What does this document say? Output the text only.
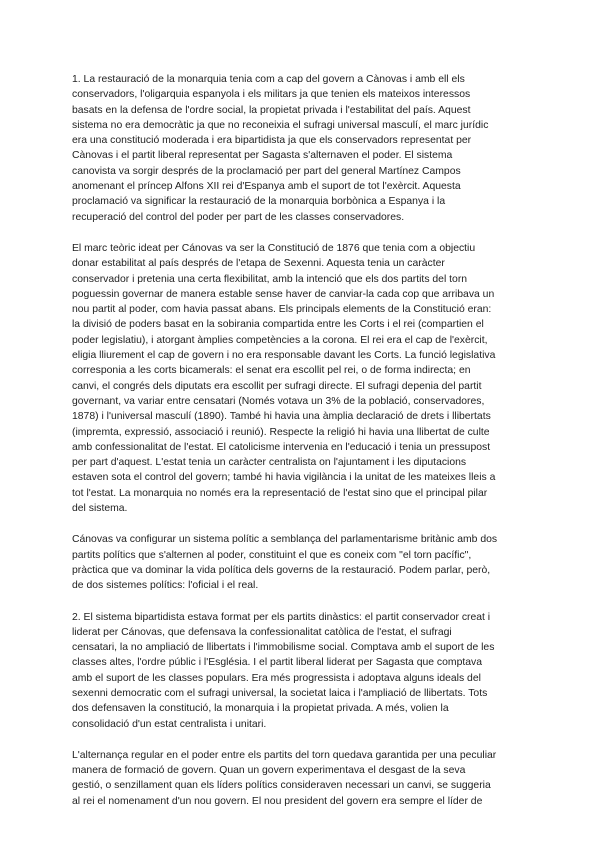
1. La restauració de la monarquia tenia com a cap del govern a Cànovas i amb ell els
conservadors, l'oligarquia espanyola i els militars ja que tenien els mateixos interessos
basats en la defensa de l'ordre social, la propietat privada i l'estabilitat del país. Aquest
sistema no era democràtic ja que no reconeixia el sufragi universal masculí, el marc jurídic
era una constitució moderada i era bipartidista ja que els conservadors representat per
Cànovas i el partit liberal representat per Sagasta s'alternaven el poder. El sistema
canovista va sorgir després de la proclamació per part del general Martínez Campos
anomenant el príncep Alfons XII rei d'Espanya amb el suport de tot l'exèrcit. Aquesta
proclamació va significar la restauració de la monarquia borbònica a Espanya i la
recuperació del control del poder per part de les classes conservadores.
El marc teòric ideat per Cánovas va ser la Constitució de 1876 que tenia com a objectiu
donar estabilitat al país després de l'etapa de Sexenni. Aquesta tenia un caràcter
conservador i pretenia una certa flexibilitat, amb la intenció que els dos partits del torn
poguessin governar de manera estable sense haver de canviar-la cada cop que arribava un
nou partit al poder, com havia passat abans. Els principals elements de la Constitució eran:
la divisió de poders basat en la sobirania compartida entre les Corts i el rei (compartien el
poder legislatiu), i atorgant àmplies competències a la corona. El rei era el cap de l'exèrcit,
eligia lliurement el cap de govern i no era responsable davant les Corts. La funció legislativa
corresponia a les corts bicamerals: el senat era escollit pel rei, o de forma indirecta; en
canvi, el congrés dels diputats era escollit per sufragi directe. El sufragi depenia del partit
governant, va variar entre censatari (Només votava un 3% de la població, conservadores,
1878) i l'universal masculí (1890). També hi havia una àmplia declaració de drets i llibertats
(impremta, expressió, associació i reunió). Respecte la religió hi havia una llibertat de culte
amb confessionalitat de l'estat. El catolicisme intervenia en l'educació i tenia un pressupost
per part d'aquest. L'estat tenia un caràcter centralista on l'ajuntament i les diputacions
estaven sota el control del govern; també hi havia vigilància i la unitat de les mateixes lleis a
tot l'estat. La monarquia no només era la representació de l'estat sino que el principal pilar
del sistema.
Cánovas va configurar un sistema polític a semblança del parlamentarisme britànic amb dos
partits polítics que s'alternen al poder, constituint el que es coneix com "el torn pacífic",
pràctica que va dominar la vida política dels governs de la restauració. Podem parlar, però,
de dos sistemes polítics: l'oficial i el real.
2. El sistema bipartidista estava format per els partits dinàstics: el partit conservador creat i
liderat per Cánovas, que defensava la confessionalitat catòlica de l'estat, el sufragi
censatari, la no ampliació de llibertats i l'immobilisme social. Comptava amb el suport de les
classes altes, l'ordre públic i l'Església. I el partit liberal liderat per Sagasta que comptava
amb el suport de les classes populars. Era més progressista i adoptava alguns ideals del
sexenni democratic com el sufragi universal, la societat laica i l'ampliació de llibertats. Tots
dos defensaven la constitució, la monarquia i la propietat privada. A més, volien la
consolidació d'un estat centralista i unitari.
L'alternança regular en el poder entre els partits del torn quedava garantida per una peculiar
manera de formació de govern. Quan un govern experimentava el desgast de la seva
gestió, o senzillament quan els líders polítics consideraven necessari un canvi, se suggeria
al rei el nomenament d'un nou govern. El nou president del govern era sempre el líder de
